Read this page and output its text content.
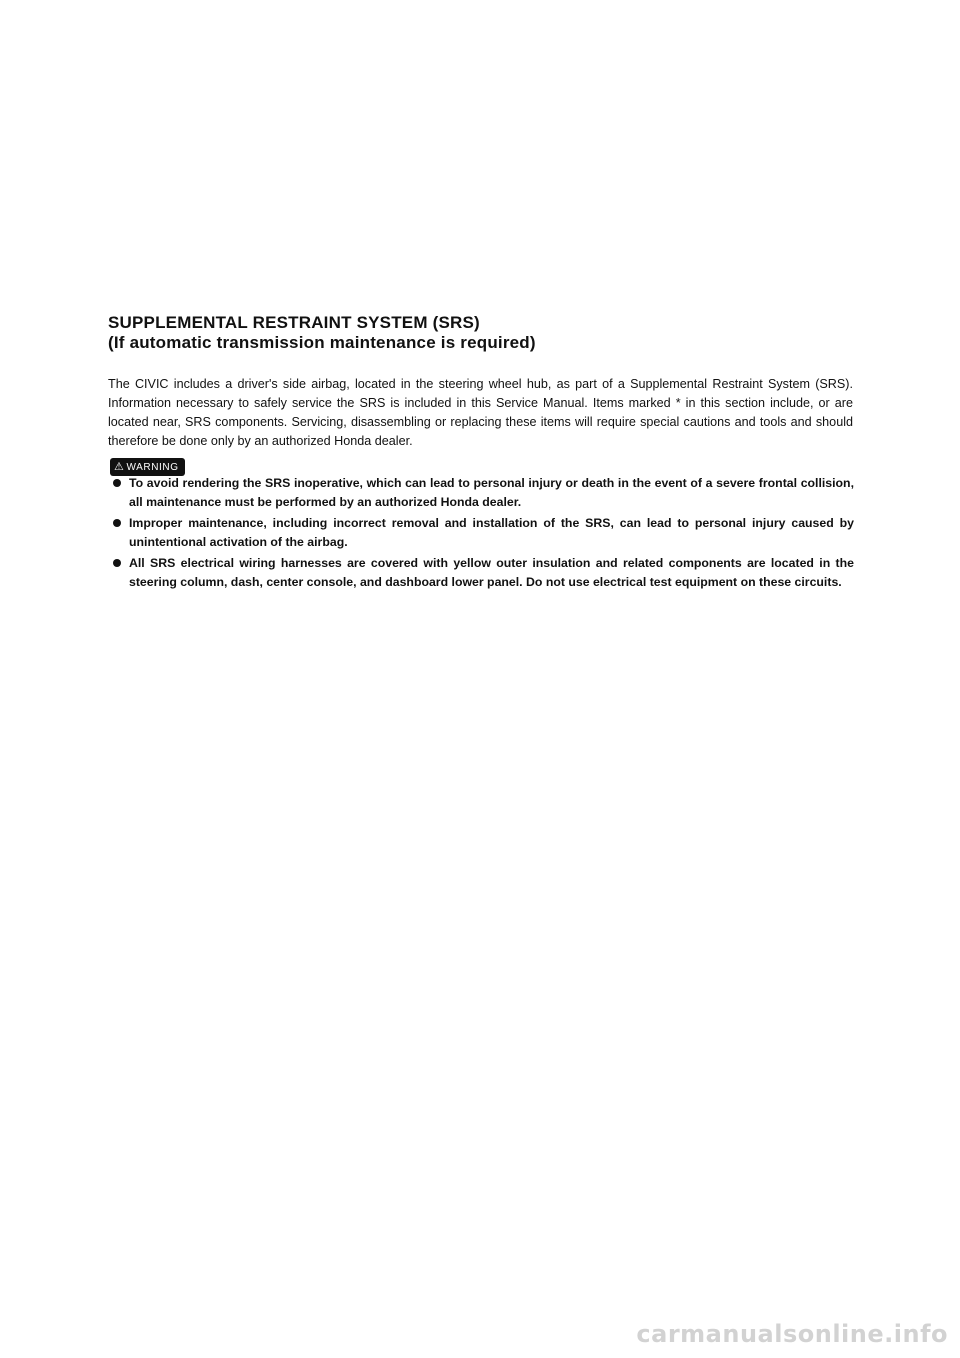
SUPPLEMENTAL RESTRAINT SYSTEM (SRS)
(If automatic transmission maintenance is required)

The CIVIC includes a driver's side airbag, located in the steering wheel hub, as part of a Supplemental Restraint System (SRS). Information necessary to safely service the SRS is included in this Service Manual. Items marked * in this section include, or are located near, SRS components. Servicing, disassembling or replacing these items will require special cautions and tools and should therefore be done only by an authorized Honda dealer.

⚠ WARNING
To avoid rendering the SRS inoperative, which can lead to personal injury or death in the event of a severe frontal collision, all maintenance must be performed by an authorized Honda dealer.
Improper maintenance, including incorrect removal and installation of the SRS, can lead to personal injury caused by unintentional activation of the airbag.
All SRS electrical wiring harnesses are covered with yellow outer insulation and related components are located in the steering column, dash, center console, and dashboard lower panel. Do not use electrical test equipment on these circuits.
carmanualsonline.info
